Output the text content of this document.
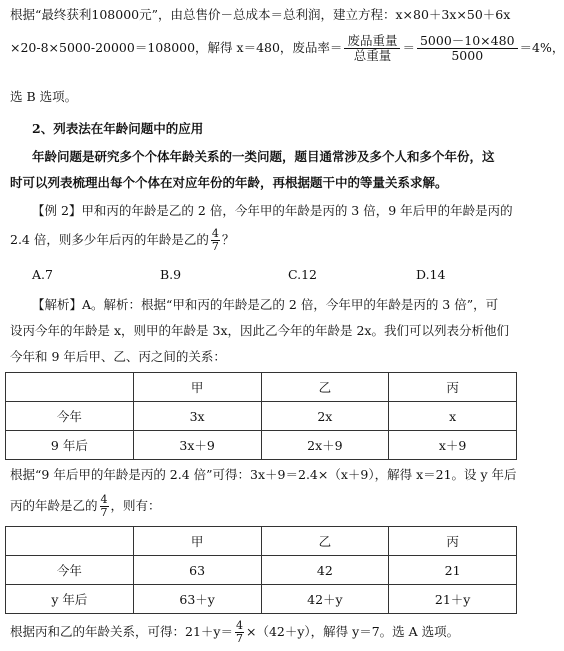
根据“最终获利108000元”，由总售价－总成本＝总利润，建立方程：x×80＋3x×50＋6x
×20-8×5000-20000＝108000，解得 x＝480，废品率＝ $\frac{\text{废品重量}}{\text{总重量}} = \frac{5000-10\times 480}{5000} =4\%$，
选 B 选项。
2、列表法在年龄问题中的应用
年龄问题是研究多个个体年龄关系的一类问题，题目通常涉及多个人和多个年份，这
时可以列表梳理出每个个体在对应年份的年龄，再根据题干中的等量关系求解。
【例 2】甲和丙的年龄是乙的 2 倍，今年甲的年龄是丙的 3 倍，9 年后甲的年龄是丙的
2.4 倍，则多少年后丙的年龄是乙的 $\frac{4}{7}$ ？
A.7	B.9	C.12	D.14
【解析】A。解析：根据“甲和丙的年龄是乙的 2 倍，今年甲的年龄是丙的 3 倍”，可
设丙今年的年龄是 x，则甲的年龄是 3x，因此乙今年的年龄是 2x。我们可以列表分析他们
今年和 9 年后甲、乙、丙之间的关系：
	甲	乙	丙
今年	3x	2x	x
9 年后	3x＋9	2x＋9	x＋9
根据“9 年后甲的年龄是丙的 2.4 倍”可得：3x＋9＝2.4×（x＋9），解得 x＝21。设 y 年后
丙的年龄是乙的 $\frac{4}{7}$ ，则有：
	甲	乙	丙
今年	63	42	21
y 年后	63＋y	42＋y	21＋y
根据丙和乙的年龄关系，可得：$21+y= \frac{4}{7} \times(42+y)$，解得 y＝7。选 A 选项。
